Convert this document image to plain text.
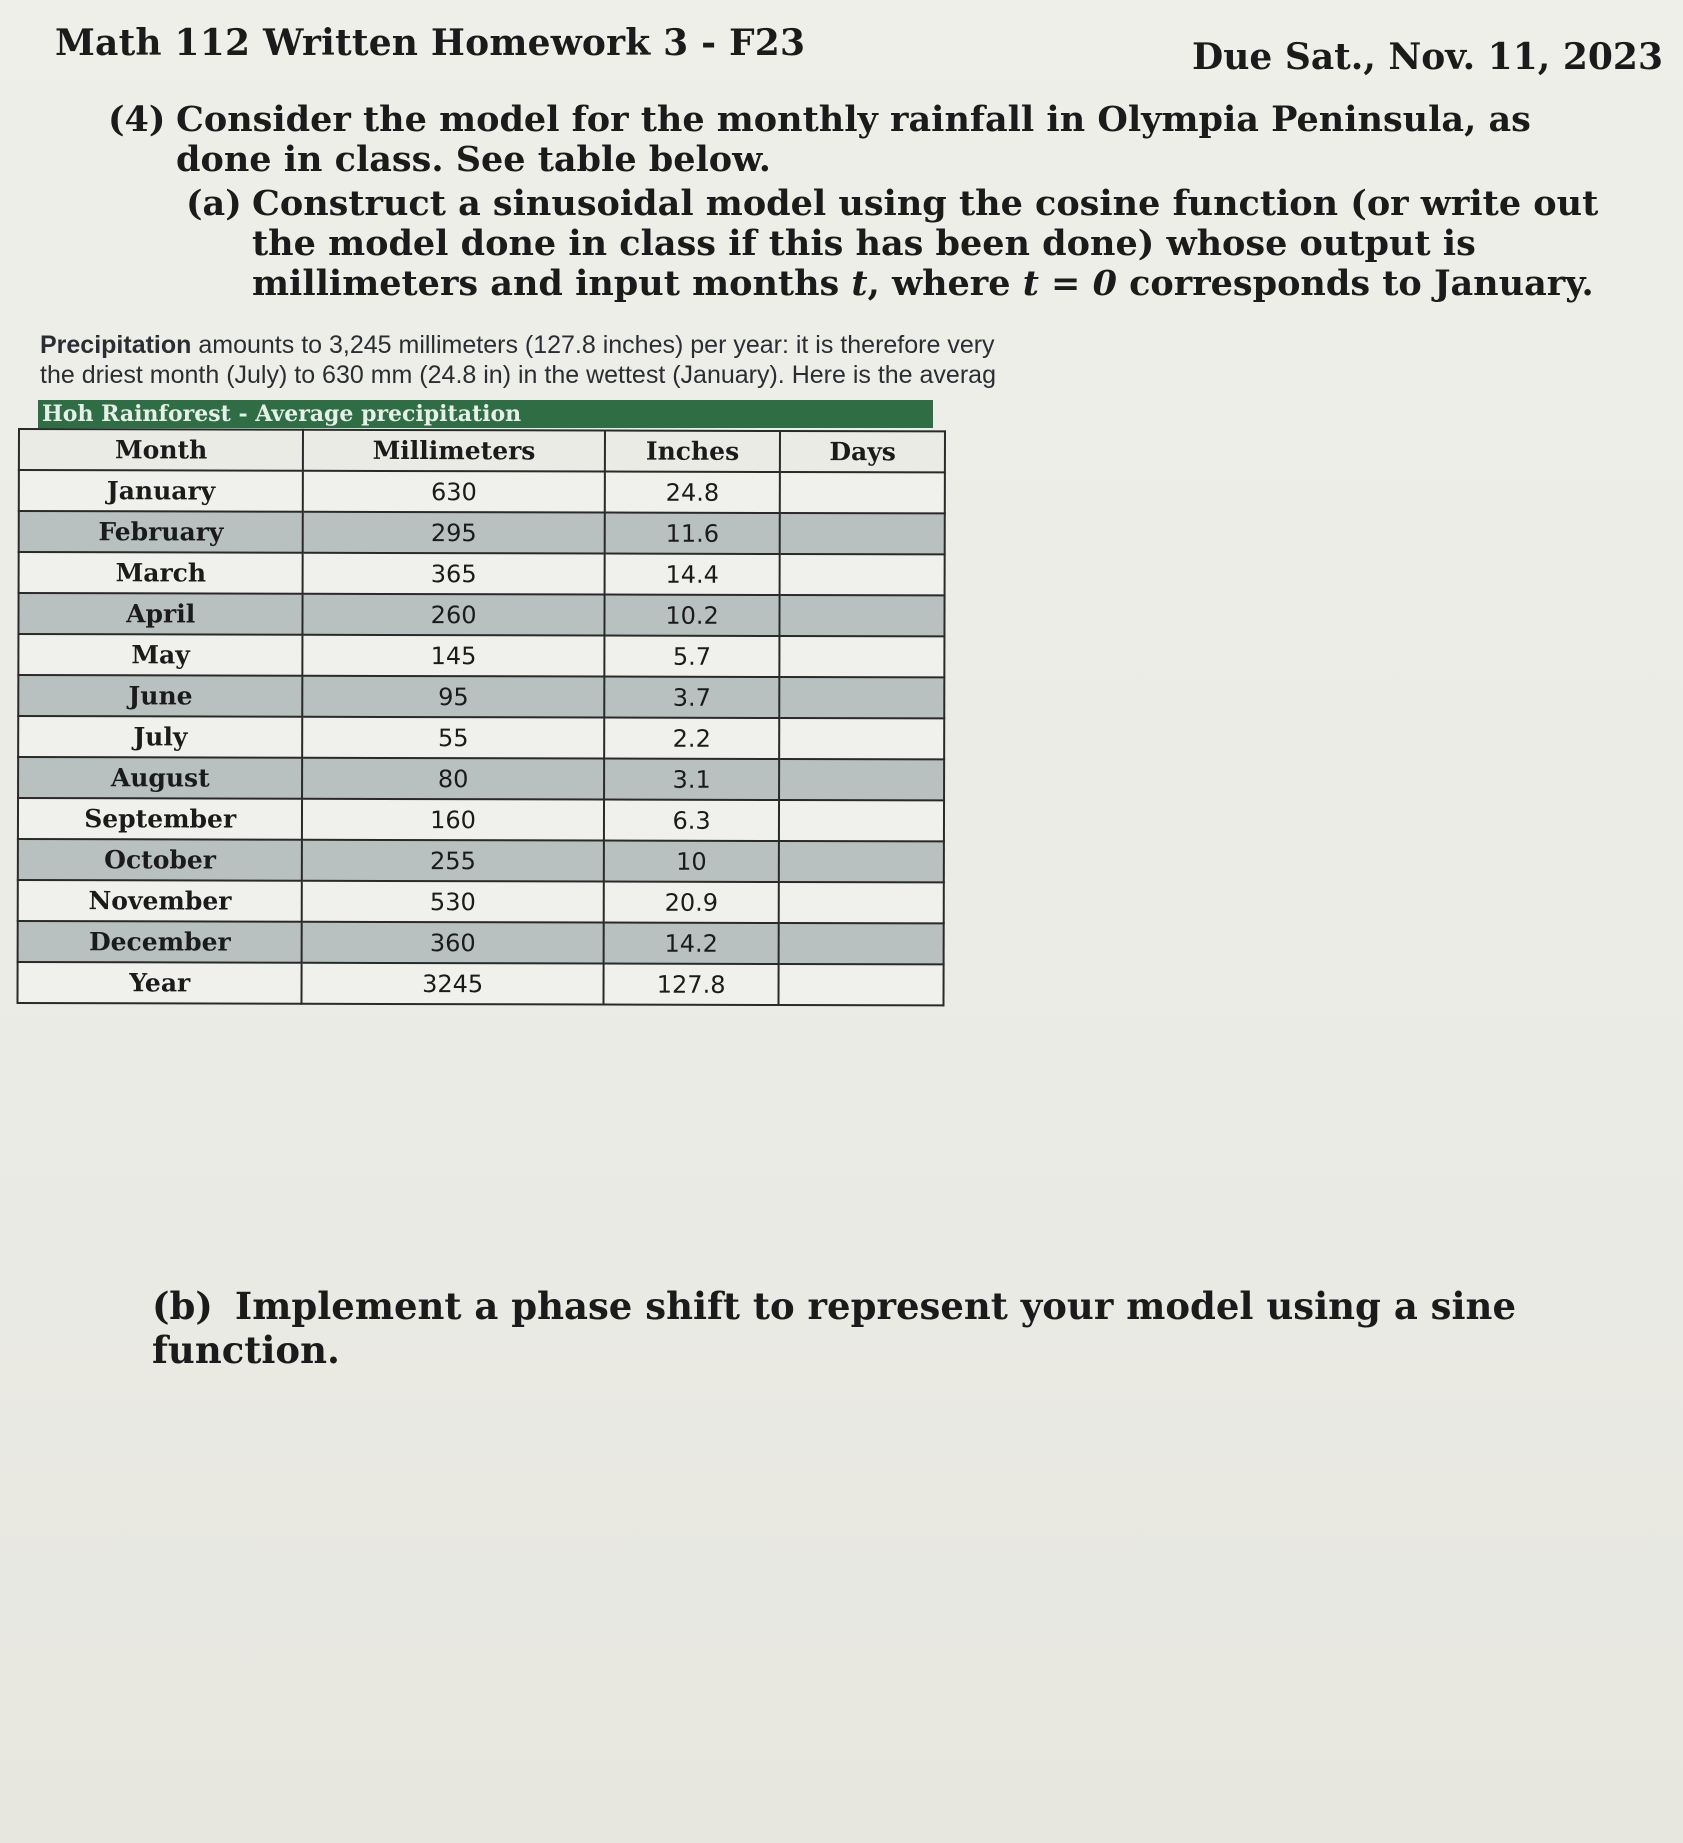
Math 112 Written Homework 3 - F23	Due Sat., Nov. 11, 2023
(4) Consider the model for the monthly rainfall in Olympia Peninsula, as done in class. See table below.
(a) Construct a sinusoidal model using the cosine function (or write out the model done in class if this has been done) whose output is millimeters and input months t, where t = 0 corresponds to January.
Precipitation amounts to 3,245 millimeters (127.8 inches) per year: it is therefore very
the driest month (July) to 630 mm (24.8 in) in the wettest (January). Here is the averag
Hoh Rainforest - Average precipitation
Month	Millimeters	Inches	Days
January	630	24.8	
February	295	11.6	
March	365	14.4	
April	260	10.2	
May	145	5.7	
June	95	3.7	
July	55	2.2	
August	80	3.1	
September	160	6.3	
October	255	10	
November	530	20.9	
December	360	14.2	
Year	3245	127.8	
(b) Implement a phase shift to represent your model using a sine function.
